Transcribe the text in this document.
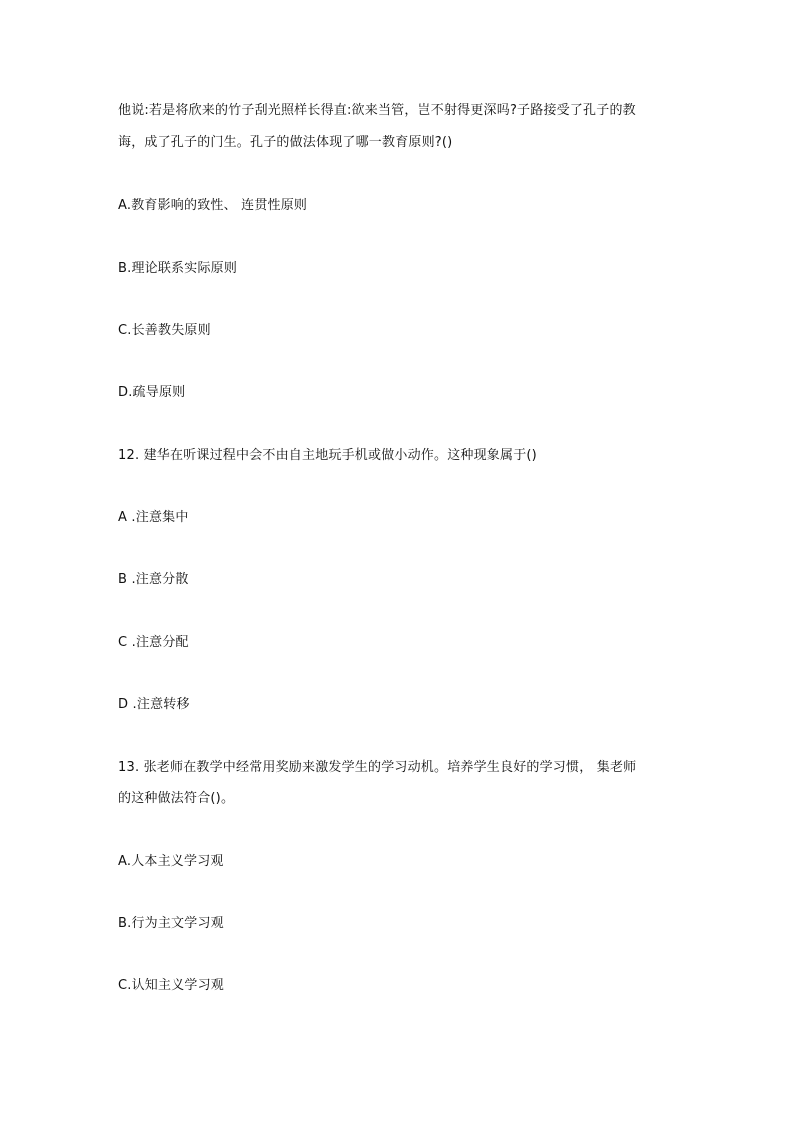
他说:若是将欣来的竹子刮光照样长得直:欲来当管，岂不射得更深吗?子路接受了孔子的教
诲，成了孔子的门生。孔子的做法体现了哪一教育原则?()
A.教育影响的致性、 连贯性原则
B.理论联系实际原则
C.长善教失原则
D.疏导原则
12. 建华在听课过程中会不由自主地玩手机或做小动作。这种现象属于()
A .注意集中
B .注意分散
C .注意分配
D .注意转移
13. 张老师在教学中经常用奖励来激发学生的学习动机。培养学生良好的学习惯， 集老师
的这种做法符合()。
A.人本主义学习观
B.行为主文学习观
C.认知主义学习观
